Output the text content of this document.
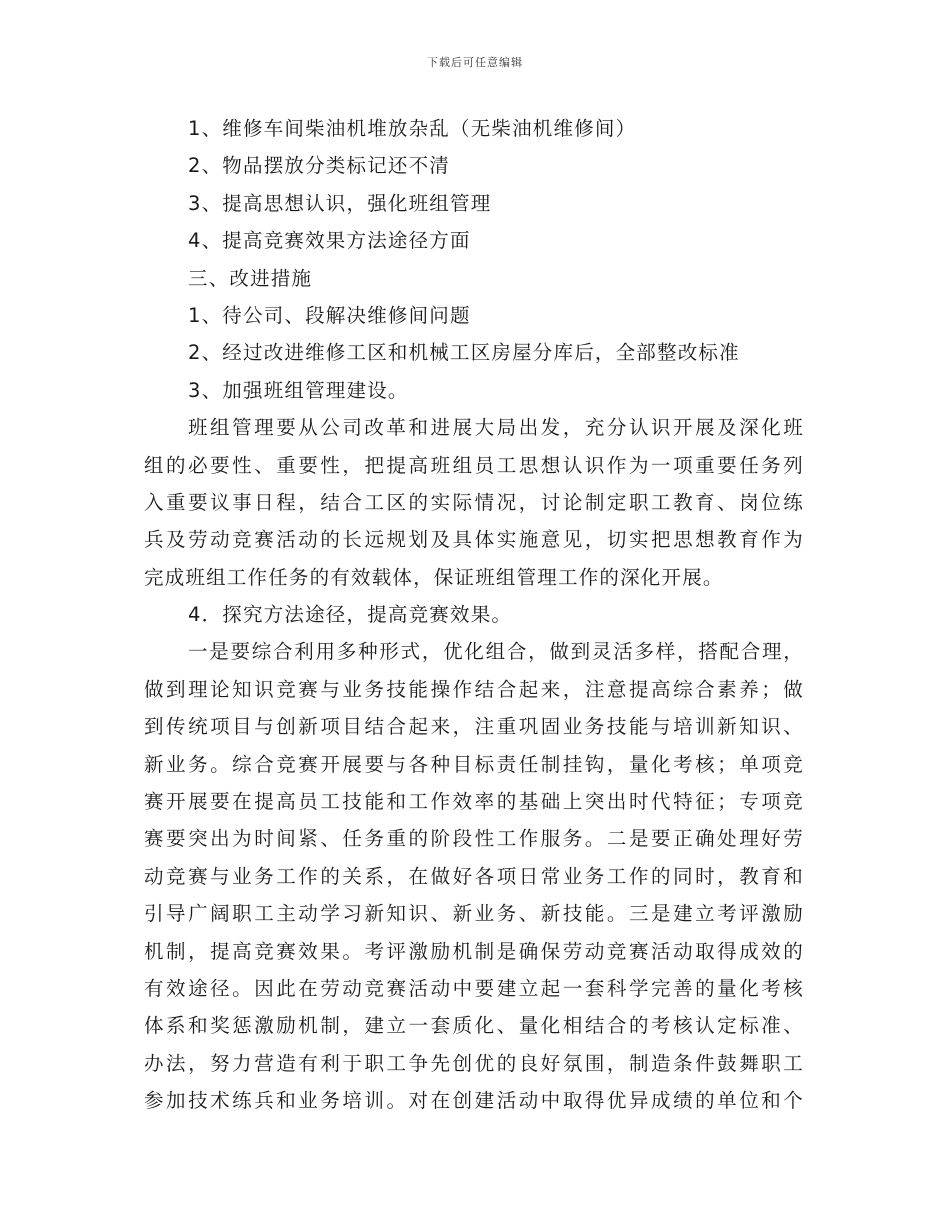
下载后可任意编辑
1、维修车间柴油机堆放杂乱（无柴油机维修间）
2、物品摆放分类标记还不清
3、提高思想认识，强化班组管理
4、提高竞赛效果方法途径方面
三、改进措施
1、待公司、段解决维修间问题
2、经过改进维修工区和机械工区房屋分库后，全部整改标准
3、加强班组管理建设。
班组管理要从公司改革和进展大局出发，充分认识开展及深化班
组的必要性、重要性，把提高班组员工思想认识作为一项重要任务列
入重要议事日程，结合工区的实际情况，讨论制定职工教育、岗位练
兵及劳动竞赛活动的长远规划及具体实施意见，切实把思想教育作为
完成班组工作任务的有效载体，保证班组管理工作的深化开展。
4．探究方法途径，提高竞赛效果。
一是要综合利用多种形式，优化组合，做到灵活多样，搭配合理，
做到理论知识竞赛与业务技能操作结合起来，注意提高综合素养；做
到传统项目与创新项目结合起来，注重巩固业务技能与培训新知识、
新业务。综合竞赛开展要与各种目标责任制挂钩，量化考核；单项竞
赛开展要在提高员工技能和工作效率的基础上突出时代特征；专项竞
赛要突出为时间紧、任务重的阶段性工作服务。二是要正确处理好劳
动竞赛与业务工作的关系，在做好各项日常业务工作的同时，教育和
引导广阔职工主动学习新知识、新业务、新技能。三是建立考评激励
机制，提高竞赛效果。考评激励机制是确保劳动竞赛活动取得成效的
有效途径。因此在劳动竞赛活动中要建立起一套科学完善的量化考核
体系和奖惩激励机制，建立一套质化、量化相结合的考核认定标准、
办法，努力营造有利于职工争先创优的良好氛围，制造条件鼓舞职工
参加技术练兵和业务培训。对在创建活动中取得优异成绩的单位和个
